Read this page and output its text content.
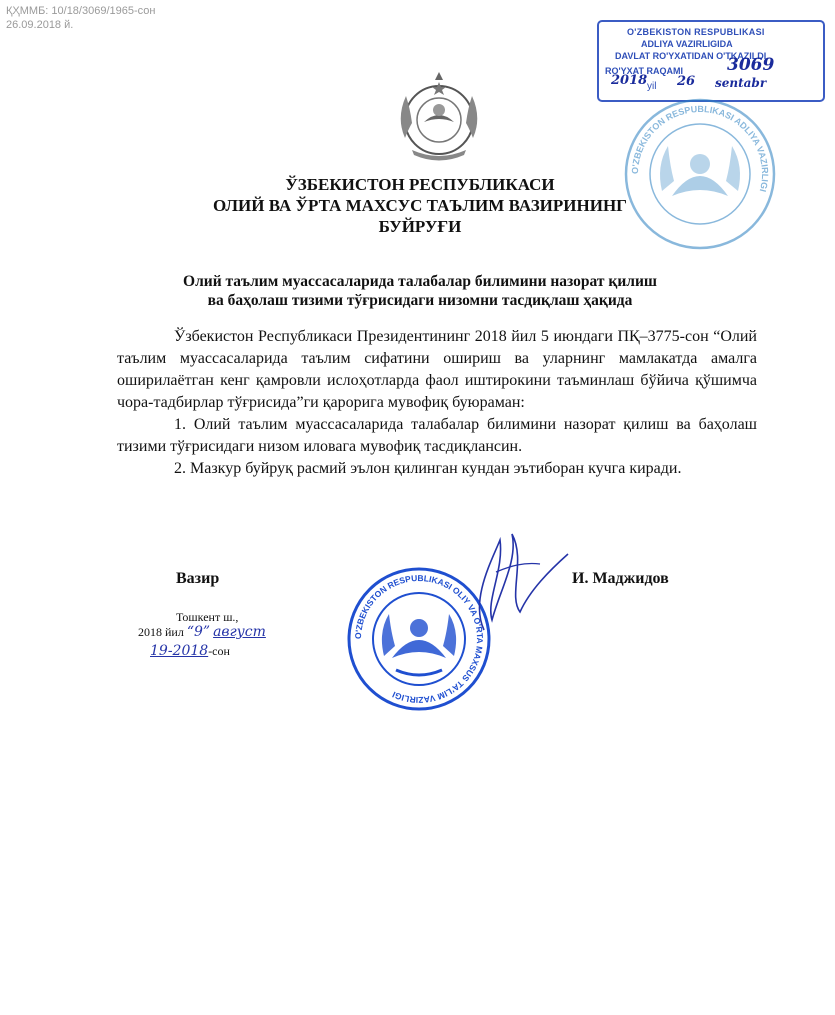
ҚҲММБ: 10/18/3069/1965-сон
26.09.2018 й.
O'ZBEKISTON RESPUBLIKASI
ADLIYA VAZIRLIGIDA
DAVLAT RO'YXATIDAN O'TKAZILDI
RO'YXAT RAQAMI	3069
2018 yil 26 sentabr
O'ZBEKISTON RESPUBLIKASI ADLIYA VAZIRLIGI
ЎЗБЕКИСТОН РЕСПУБЛИКАСИ
ОЛИЙ ВА ЎРТА МАХСУС ТАЪЛИМ ВАЗИРИНИНГ
БУЙРУҒИ
Олий таълим муассасаларида талабалар билимини назорат қилиш
ва баҳолаш тизими тўғрисидаги низомни тасдиқлаш ҳақида

Ўзбекистон Республикаси Президентининг 2018 йил 5 июндаги ПҚ–3775-сон “Олий таълим муассасаларида таълим сифатини ошириш ва уларнинг мамлакатда амалга оширилаётган кенг қамровли ислоҳотларда фаол иштирокини таъминлаш бўйича қўшимча чора-тадбирлар тўғрисида”ги қарорига мувофиқ буюраман:

1. Олий таълим муассасаларида талабалар билимини назорат қилиш ва баҳолаш тизими тўғрисидаги низом иловага мувофиқ тасдиқлансин.

2. Мазкур буйруқ расмий эълон қилинган кундан эътиборан кучга киради.

O'ZBEKISTON RESPUBLIKASI OLIY VA O'RTA MAXSUS TA'LIM VAZIRLIGI
Вазир	И. Маджидов
Тошкент ш.,
2018 йил “9” август
19-2018-сон
